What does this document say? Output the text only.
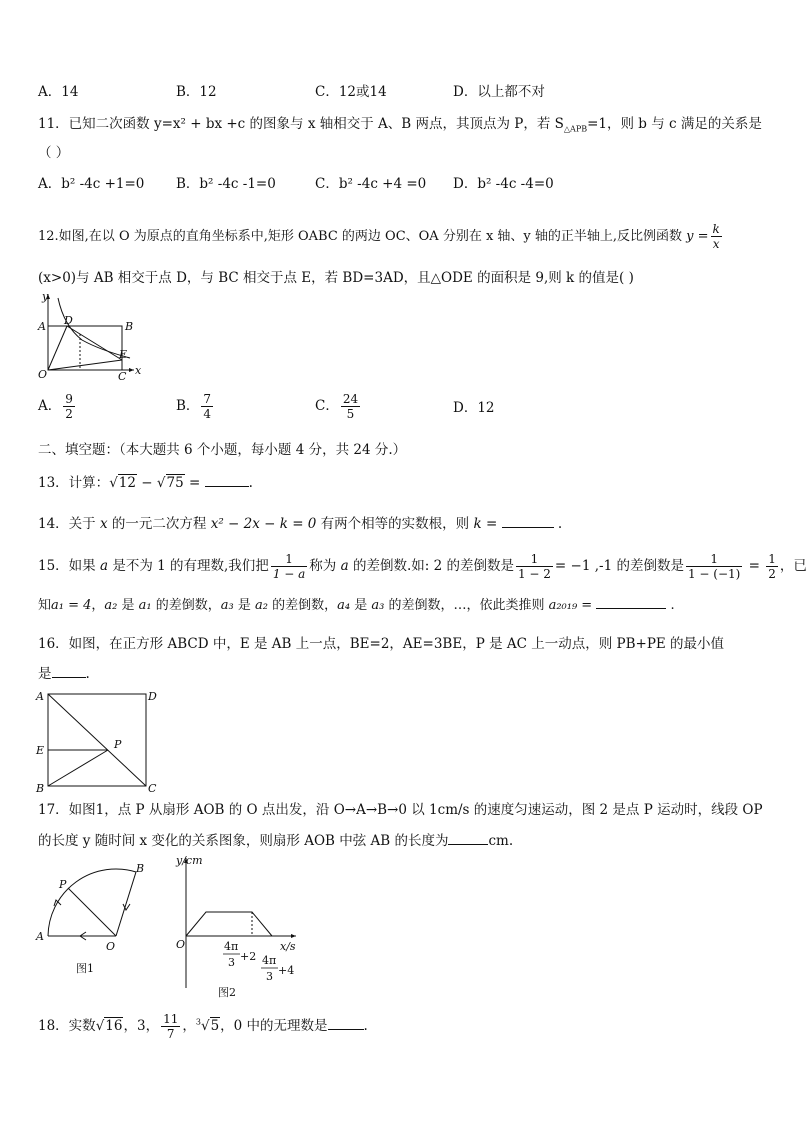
A．14	B．12	C．12或14	D．以上都不对
11．已知二次函数 y=x² + bx +c 的图象与 x 轴相交于 A、B 两点，其顶点为 P，若 $S_{\triangle APB}=1$，则 b 与 c 满足的关系是
（ ）
A．b² -4c +1=0 B．b² -4c -1=0	C．b² -4c +4 =0 D．b² -4c -4=0
12.如图,在以 O 为原点的直角坐标系中,矩形 OABC 的两边 OC、OA 分别在 x 轴、y 轴的正半轴上,反比例函数 $y = \frac{k}{x}$
(x>0)与 AB 相交于点 D，与 BC 相交于点 E，若 BD=3AD，且△ODE 的面积是 9,则 k 的值是( )
y
x
A	B
D
E
O	C
A． $\frac{9}{2}$	B． $\frac{7}{4}$	C． $\frac{24}{5}$	D．12
二、填空题：（本大题共 6 个小题，每小题 4 分，共 24 分.）
13．计算：√12 − √75 =	.
14．关于 x 的一元二次方程 x² − 2x − k = 0 有两个相等的实数根，则 k =	.
15．如果 a 是不为 1 的有理数,我们把 $\frac{1}{1 - a}$ 称为 a 的差倒数.如: 2 的差倒数是 $\frac{1}{1 - 2} = -1$ ,-1 的差倒数是 $\frac{1}{1 - (-1)} = \frac{1}{2}$ ，已
知a₁ = 4，a₂ 是 a₁ 的差倒数，a₃ 是 a₂ 的差倒数，a₄ 是 a₃ 的差倒数，…，依此类推则 a₂₀₁₉ =	.
16．如图，在正方形 ABCD 中，E 是 AB 上一点，BE=2，AE=3BE，P 是 AC 上一动点，则 PB+PE 的最小值
是	.
A	D
E	P
B	C
17．如图1，点 P 从扇形 AOB 的 O 点出发，沿 O→A→B→0 以 1cm/s 的速度匀速运动，图 2 是点 P 运动时，线段 OP
的长度 y 随时间 x 变化的关系图象，则扇形 AOB 中弦 AB 的长度为	cm.
P
B
A
O
图1
y/cm
O	x/s
4π
3 +2 4π
3 +4
图2
18．实数√16，3， $\frac{11}{7}$ ，$^3$√5，0 中的无理数是	.
